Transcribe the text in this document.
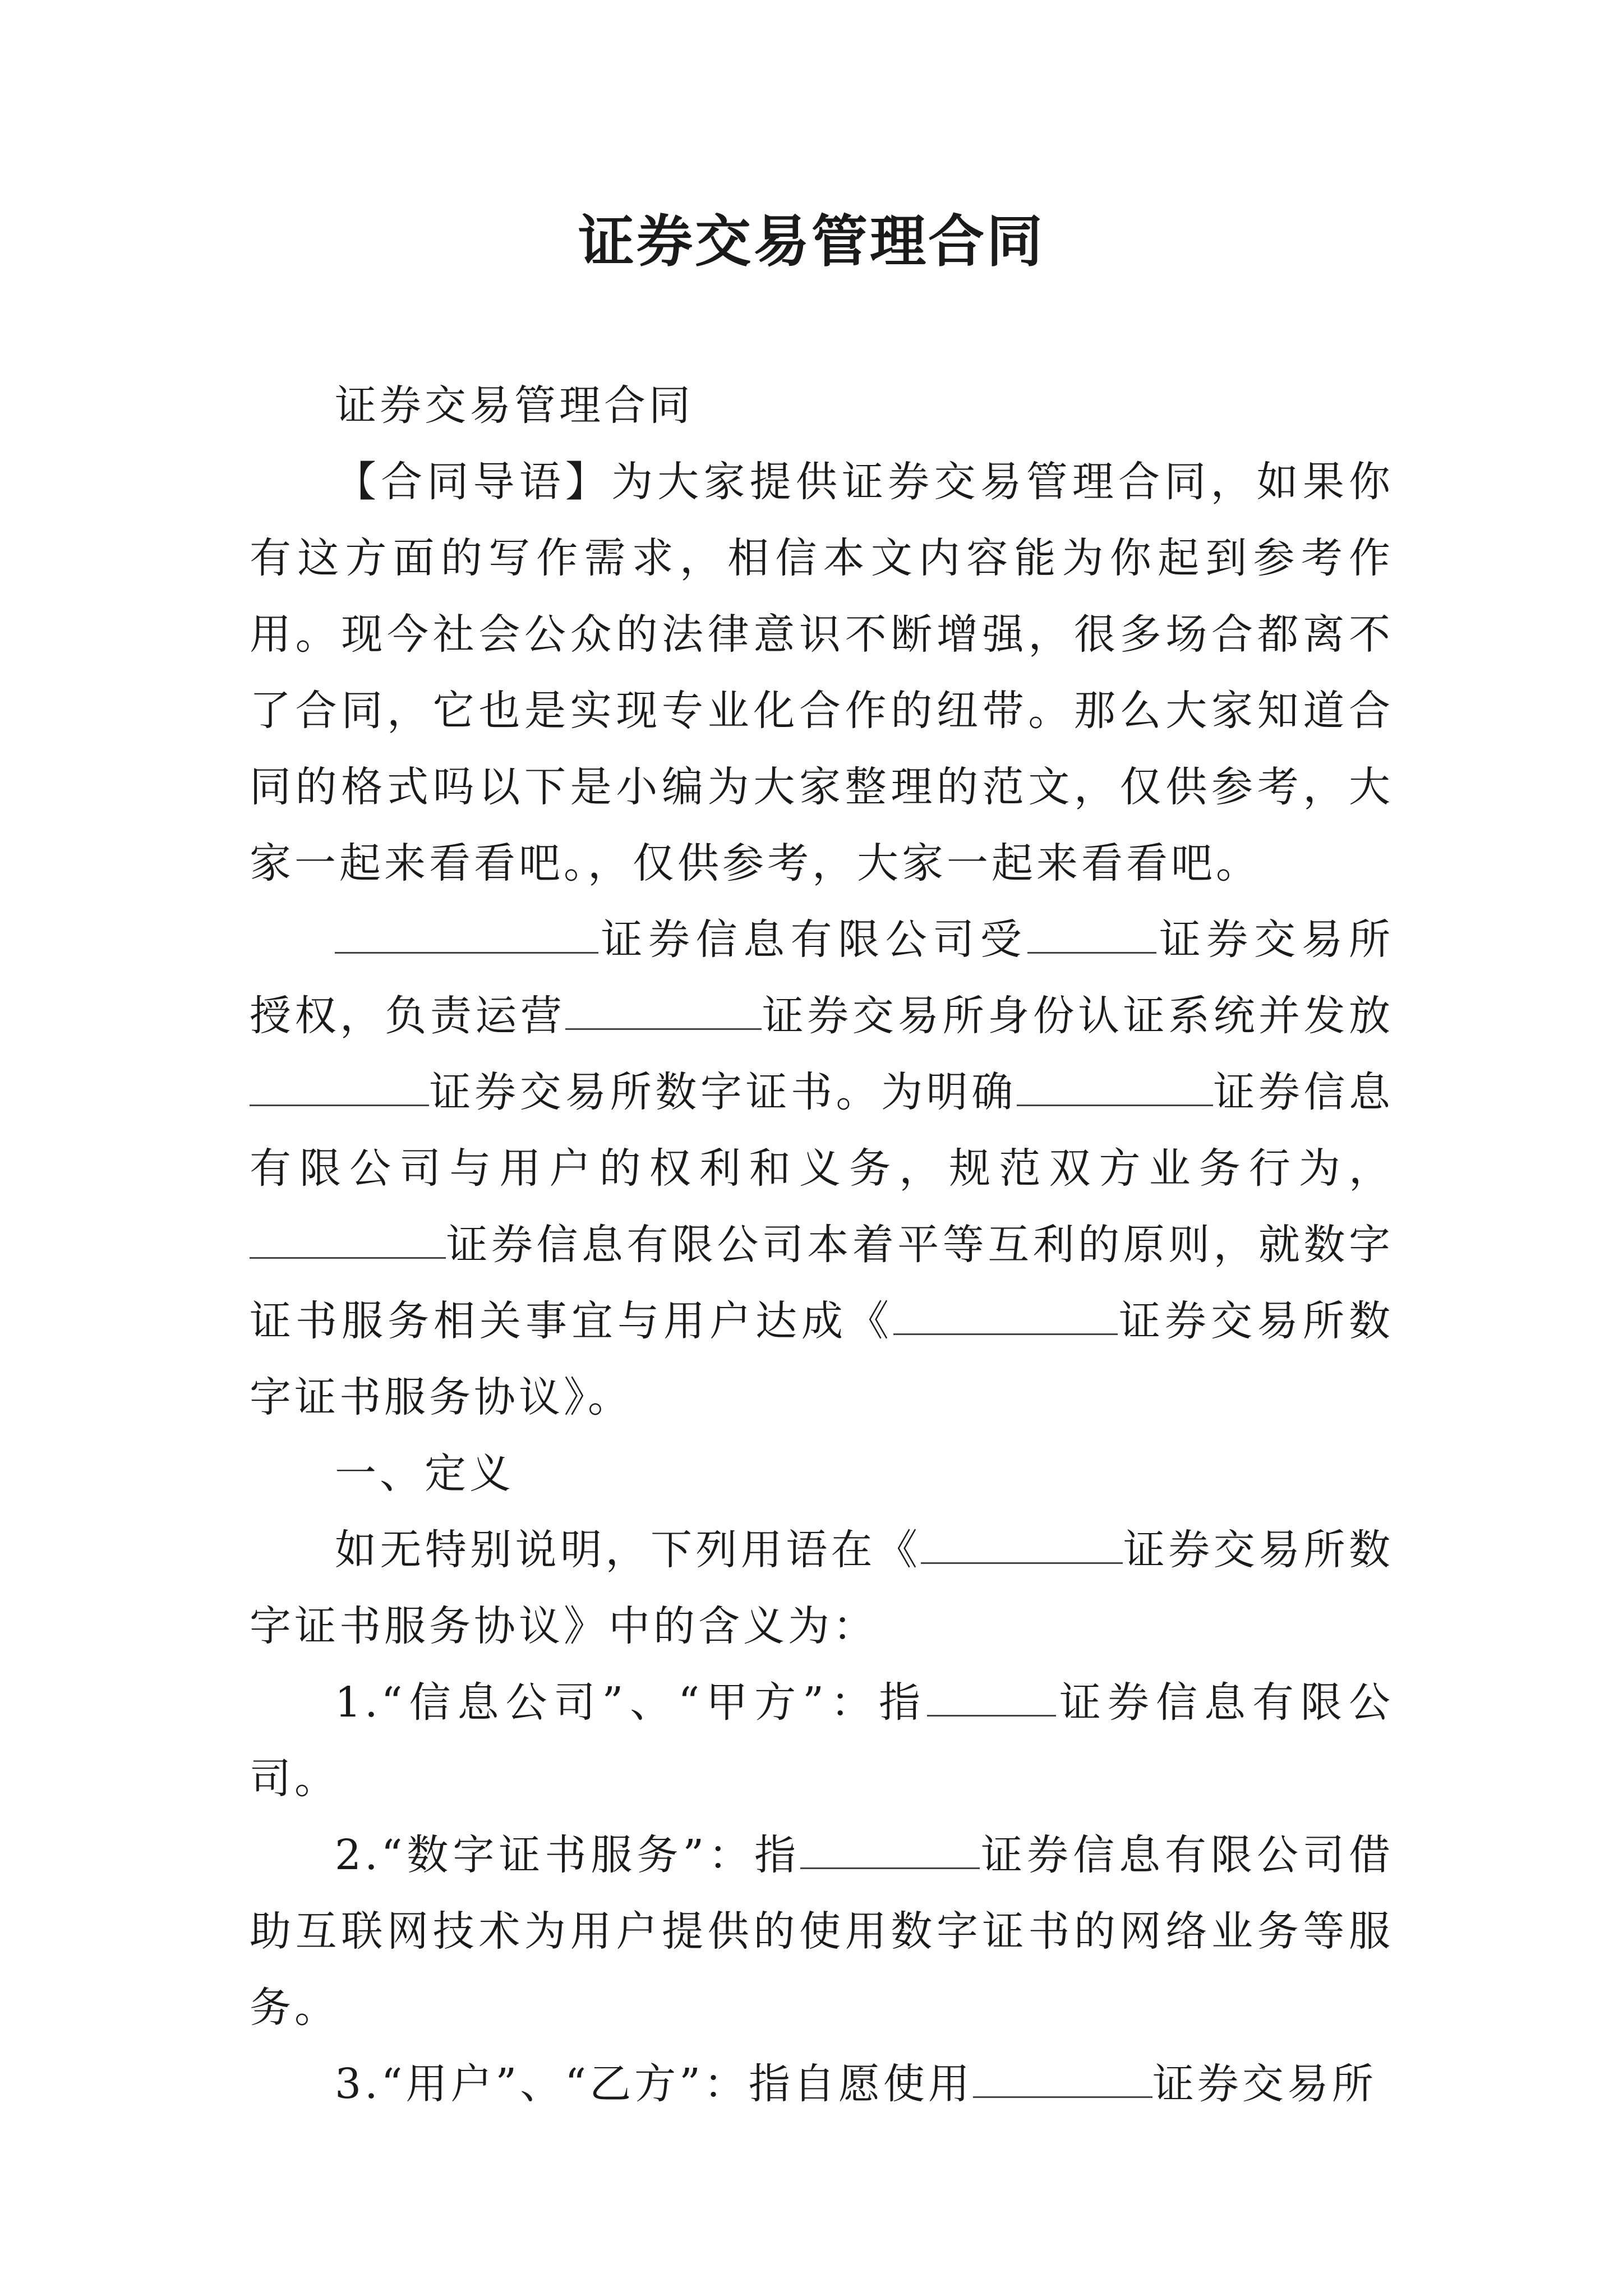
证券交易管理合同

证券交易管理合同

【合同导语】为大家提供证券交易管理合同，如果你有这方面的写作需求，相信本文内容能为你起到参考作用。现今社会公众的法律意识不断增强，很多场合都离不了合同，它也是实现专业化合作的纽带。那么大家知道合同的格式吗以下是小编为大家整理的范文，仅供参考，大家一起来看看吧。，仅供参考，大家一起来看看吧。

证券信息有限公司受	证券交易所授权，负责运营	证券交易所身份认证系统并发放证券交易所数字证书。为明确	证券信息有限公司与用户的权利和义务，规范双方业务行为，证券信息有限公司本着平等互利的原则，就数字证书服务相关事宜与用户达成《	证券交易所数字证书服务协议》。

一、定义

如无特别说明，下列用语在《	证券交易所数字证书服务协议》中的含义为：

1.“信息公司”、“甲方”：指	证券信息有限公司。

2.“数字证书服务”：指	证券信息有限公司借助互联网技术为用户提供的使用数字证书的网络业务等服务。

3.“用户”、“乙方”：指自愿使用	证券交易所
